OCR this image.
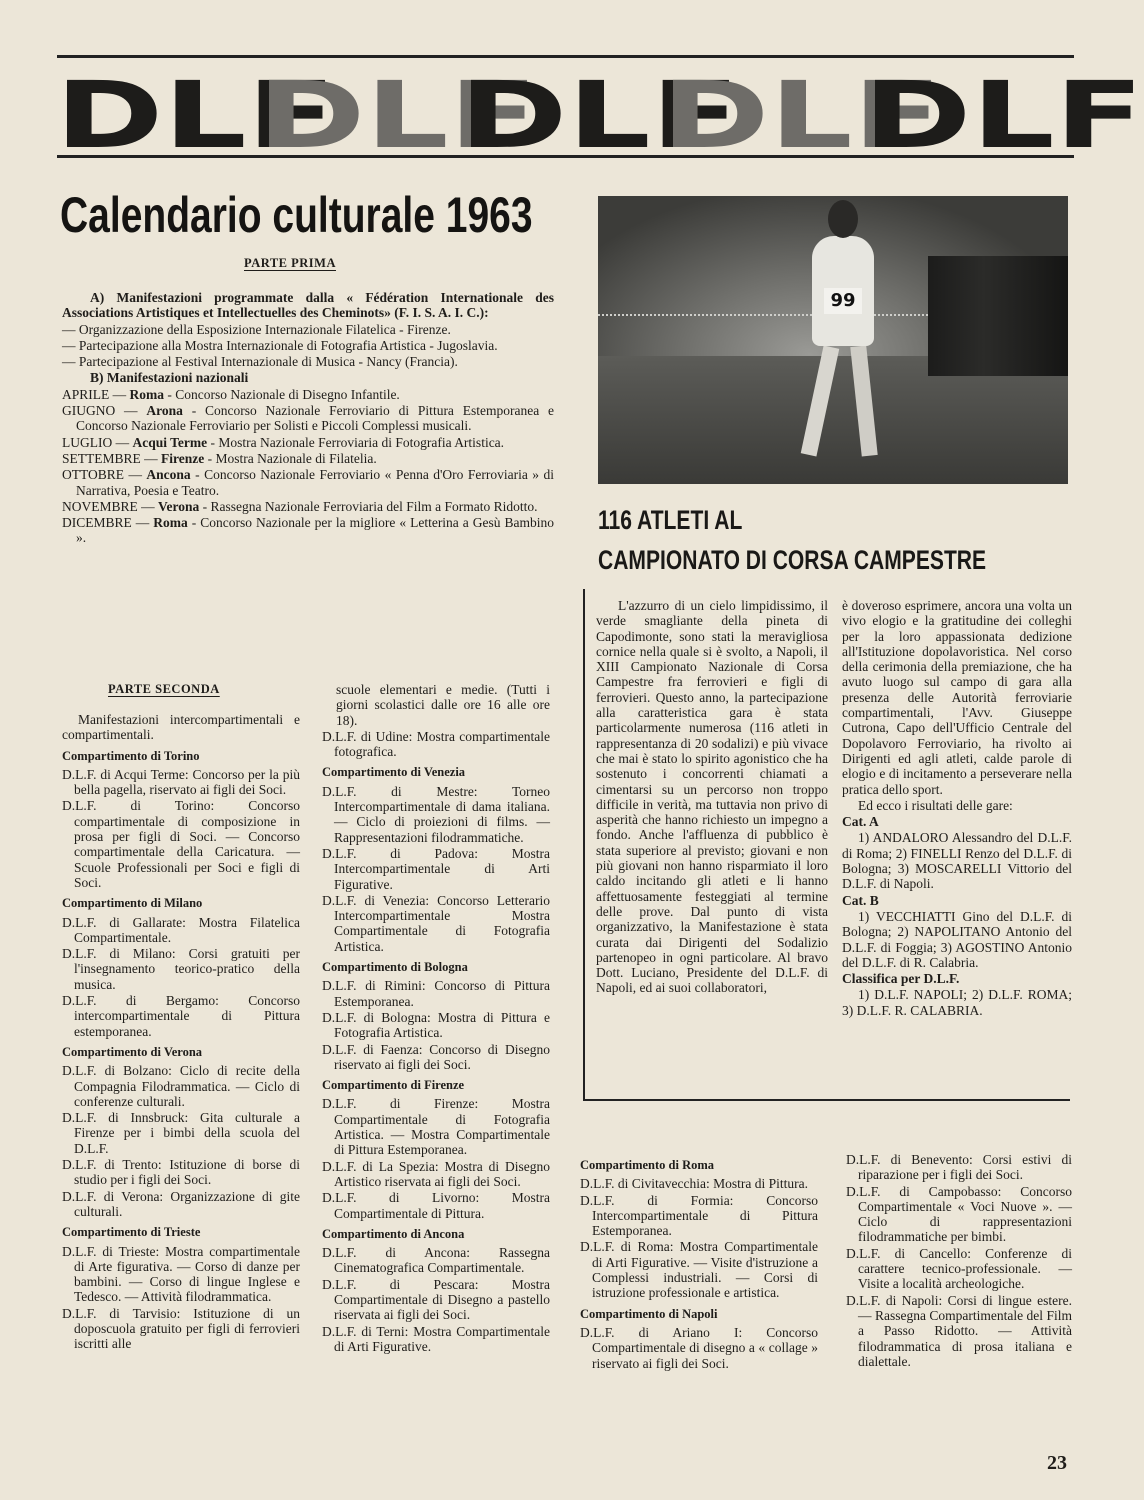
DLF
DLF
DLF
DLF
DLF
Calendario culturale 1963
PARTE PRIMA

A) Manifestazioni programmate dalla « Fédération Internationale des Associations Artistiques et Intellectuelles des Cheminots» (F. I. S. A. I. C.):

— Organizzazione della Esposizione Internazionale Filatelica - Firenze.

— Partecipazione alla Mostra Internazionale di Fotografia Artistica - Jugoslavia.

— Partecipazione al Festival Internazionale di Musica - Nancy (Francia).

B) Manifestazioni nazionali

APRILE — Roma - Concorso Nazionale di Disegno Infantile.

GIUGNO — Arona - Concorso Nazionale Ferroviario di Pittura Estemporanea e Concorso Nazionale Ferroviario per Solisti e Piccoli Complessi musicali.

LUGLIO — Acqui Terme - Mostra Nazionale Ferroviaria di Fotografia Artistica.

SETTEMBRE — Firenze - Mostra Nazionale di Filatelia.

OTTOBRE — Ancona - Concorso Nazionale Ferroviario « Penna d'Oro Ferroviaria » di Narrativa, Poesia e Teatro.

NOVEMBRE — Verona - Rassegna Nazionale Ferroviaria del Film a Formato Ridotto.

DICEMBRE — Roma - Concorso Nazionale per la migliore « Letterina a Gesù Bambino ».

PARTE SECONDA

Manifestazioni intercompartimentali e compartimentali.

Compartimento di Torino

D.L.F. di Acqui Terme: Concorso per la più bella pagella, riservato ai figli dei Soci.

D.L.F. di Torino: Concorso compartimentale di composizione in prosa per figli di Soci. — Concorso compartimentale della Caricatura. — Scuole Professionali per Soci e figli di Soci.

Compartimento di Milano

D.L.F. di Gallarate: Mostra Filatelica Compartimentale.

D.L.F. di Milano: Corsi gratuiti per l'insegnamento teorico-pratico della musica.

D.L.F. di Bergamo: Concorso intercompartimentale di Pittura estemporanea.

Compartimento di Verona

D.L.F. di Bolzano: Ciclo di recite della Compagnia Filodrammatica. — Ciclo di conferenze culturali.

D.L.F. di Innsbruck: Gita culturale a Firenze per i bimbi della scuola del D.L.F.

D.L.F. di Trento: Istituzione di borse di studio per i figli dei Soci.

D.L.F. di Verona: Organizzazione di gite culturali.

Compartimento di Trieste

D.L.F. di Trieste: Mostra compartimentale di Arte figurativa. — Corso di danze per bambini. — Corso di lingue Inglese e Tedesco. — Attività filodrammatica.

D.L.F. di Tarvisio: Istituzione di un doposcuola gratuito per figli di ferrovieri iscritti alle

scuole elementari e medie. (Tutti i giorni scolastici dalle ore 16 alle ore 18).

D.L.F. di Udine: Mostra compartimentale fotografica.

Compartimento di Venezia

D.L.F. di Mestre: Torneo Intercompartimentale di dama italiana. — Ciclo di proiezioni di films. — Rappresentazioni filodrammatiche.

D.L.F. di Padova: Mostra Intercompartimentale di Arti Figurative.

D.L.F. di Venezia: Concorso Letterario Intercompartimentale Mostra Compartimentale di Fotografia Artistica.

Compartimento di Bologna

D.L.F. di Rimini: Concorso di Pittura Estemporanea.

D.L.F. di Bologna: Mostra di Pittura e Fotografia Artistica.

D.L.F. di Faenza: Concorso di Disegno riservato ai figli dei Soci.

Compartimento di Firenze

D.L.F. di Firenze: Mostra Compartimentale di Fotografia Artistica. — Mostra Compartimentale di Pittura Estemporanea.

D.L.F. di La Spezia: Mostra di Disegno Artistico riservata ai figli dei Soci.

D.L.F. di Livorno: Mostra Compartimentale di Pittura.

Compartimento di Ancona

D.L.F. di Ancona: Rassegna Cinematografica Compartimentale.

D.L.F. di Pescara: Mostra Compartimentale di Disegno a pastello riservata ai figli dei Soci.

D.L.F. di Terni: Mostra Compartimentale di Arti Figurative.

99
116 ATLETI AL
CAMPIONATO DI CORSA CAMPESTRE
L'azzurro di un cielo limpidissimo, il verde smagliante della pineta di Capodimonte, sono stati la meravigliosa cornice nella quale si è svolto, a Napoli, il XIII Campionato Nazionale di Corsa Campestre fra ferrovieri e figli di ferrovieri. Questo anno, la partecipazione alla caratteristica gara è stata particolarmente numerosa (116 atleti in rappresentanza di 20 sodalizi) e più vivace che mai è stato lo spirito agonistico che ha sostenuto i concorrenti chiamati a cimentarsi su un percorso non troppo difficile in verità, ma tuttavia non privo di asperità che hanno richiesto un impegno a fondo. Anche l'affluenza di pubblico è stata superiore al previsto; giovani e non più giovani non hanno risparmiato il loro caldo incitando gli atleti e li hanno affettuosamente festeggiati al termine delle prove. Dal punto di vista organizzativo, la Manifestazione è stata curata dai Dirigenti del Sodalizio partenopeo in ogni particolare. Al bravo Dott. Luciano, Presidente del D.L.F. di Napoli, ed ai suoi collaboratori,

è doveroso esprimere, ancora una volta un vivo elogio e la gratitudine dei colleghi per la loro appassionata dedizione all'Istituzione dopolavoristica. Nel corso della cerimonia della premiazione, che ha avuto luogo sul campo di gara alla presenza delle Autorità ferroviarie compartimentali, l'Avv. Giuseppe Cutrona, Capo dell'Ufficio Centrale del Dopolavoro Ferroviario, ha rivolto ai Dirigenti ed agli atleti, calde parole di elogio e di incitamento a perseverare nella pratica dello sport.

Ed ecco i risultati delle gare:

Cat. A

1) ANDALORO Alessandro del D.L.F. di Roma; 2) FINELLI Renzo del D.L.F. di Bologna; 3) MOSCARELLI Vittorio del D.L.F. di Napoli.

Cat. B

1) VECCHIATTI Gino del D.L.F. di Bologna; 2) NAPOLITANO Antonio del D.L.F. di Foggia; 3) AGOSTINO Antonio del D.L.F. di R. Calabria.

Classifica per D.L.F.

1) D.L.F. NAPOLI; 2) D.L.F. ROMA; 3) D.L.F. R. CALABRIA.

Compartimento di Roma

D.L.F. di Civitavecchia: Mostra di Pittura.

D.L.F. di Formia: Concorso Intercompartimentale di Pittura Estemporanea.

D.L.F. di Roma: Mostra Compartimentale di Arti Figurative. — Visite d'istruzione a Complessi industriali. — Corsi di istruzione professionale e artistica.

Compartimento di Napoli

D.L.F. di Ariano I: Concorso Compartimentale di disegno a « collage » riservato ai figli dei Soci.

D.L.F. di Benevento: Corsi estivi di riparazione per i figli dei Soci.

D.L.F. di Campobasso: Concorso Compartimentale « Voci Nuove ». — Ciclo di rappresentazioni filodrammatiche per bimbi.

D.L.F. di Cancello: Conferenze di carattere tecnico-professionale. — Visite a località archeologiche.

D.L.F. di Napoli: Corsi di lingue estere. — Rassegna Compartimentale del Film a Passo Ridotto. — Attività filodrammatica di prosa italiana e dialettale.

23
